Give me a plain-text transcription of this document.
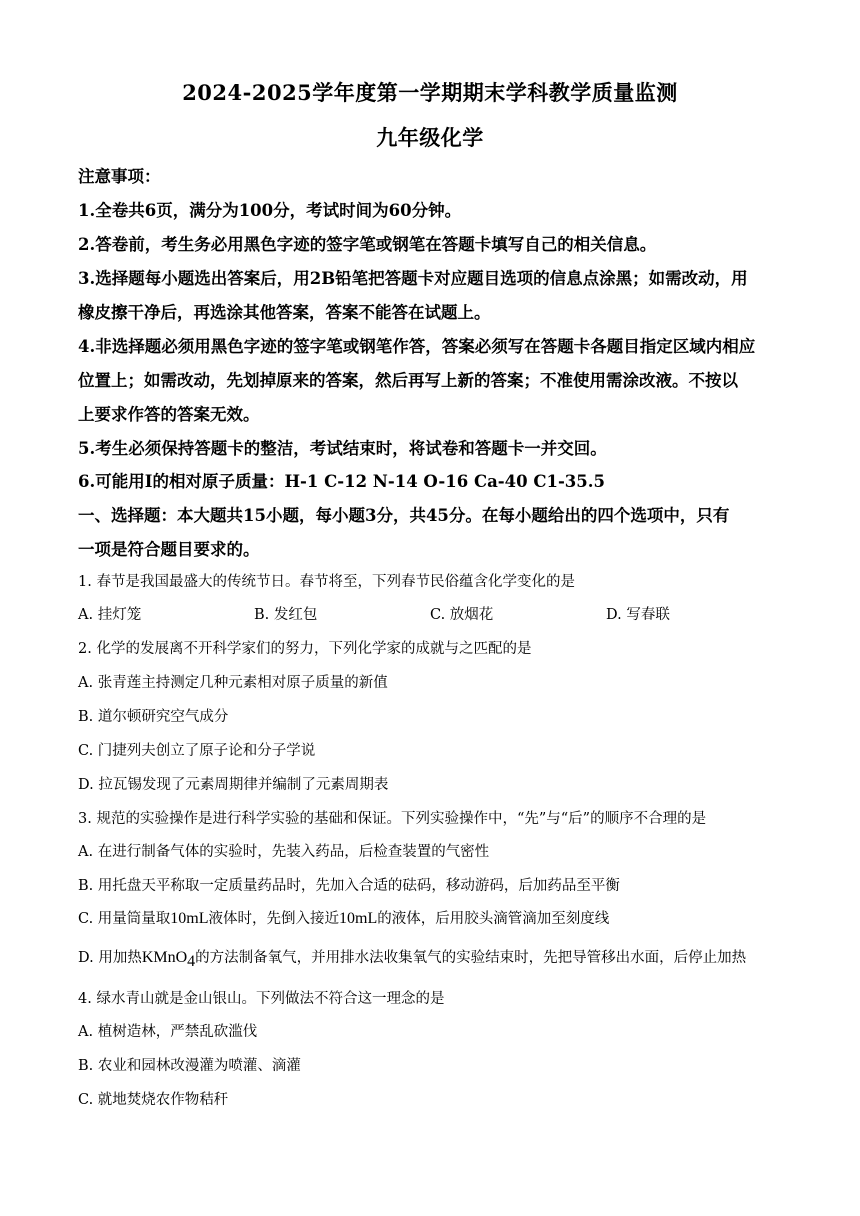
2024-2025学年度第一学期期末学科教学质量监测
九年级化学
注意事项：
1.全卷共6页，满分为100分，考试时间为60分钟。
2.答卷前，考生务必用黑色字迹的签字笔或钢笔在答题卡填写自己的相关信息。
3.选择题每小题选出答案后，用2B铅笔把答题卡对应题目选项的信息点涂黑；如需改动，用
橡皮擦干净后，再选涂其他答案，答案不能答在试题上。
4.非选择题必须用黑色字迹的签字笔或钢笔作答，答案必须写在答题卡各题目指定区域内相应
位置上；如需改动，先划掉原来的答案，然后再写上新的答案；不准使用需涂改液。不按以
上要求作答的答案无效。
5.考生必须保持答题卡的整洁，考试结束时，将试卷和答题卡一并交回。
6.可能用I的相对原子质量：H-1 C-12 N-14 O-16 Ca-40 C1-35.5
一、选择题：本大题共15小题，每小题3分，共45分。在每小题给出的四个选项中，只有
一项是符合题目要求的。
1. 春节是我国最盛大的传统节日。春节将至，下列春节民俗蕴含化学变化的是
A. 挂灯笼	B. 发红包	C. 放烟花	D. 写春联
2. 化学的发展离不开科学家们的努力，下列化学家的成就与之匹配的是
A. 张青莲主持测定几种元素相对原子质量的新值
B. 道尔顿研究空气成分
C. 门捷列夫创立了原子论和分子学说
D. 拉瓦锡发现了元素周期律并编制了元素周期表
3. 规范的实验操作是进行科学实验的基础和保证。下列实验操作中，“先”与“后”的顺序不合理的是
A. 在进行制备气体的实验时，先装入药品，后检查装置的气密性
B. 用托盘天平称取一定质量药品时，先加入合适的砝码，移动游码，后加药品至平衡
C. 用量筒量取10mL液体时，先倒入接近10mL的液体，后用胶头滴管滴加至刻度线
D. 用加热KMnO$_4$的方法制备氧气，并用排水法收集氧气的实验结束时，先把导管移出水面，后停止加热
4. 绿水青山就是金山银山。下列做法不符合这一理念的是
A. 植树造林，严禁乱砍滥伐
B. 农业和园林改漫灌为喷灌、滴灌
C. 就地焚烧农作物秸秆
